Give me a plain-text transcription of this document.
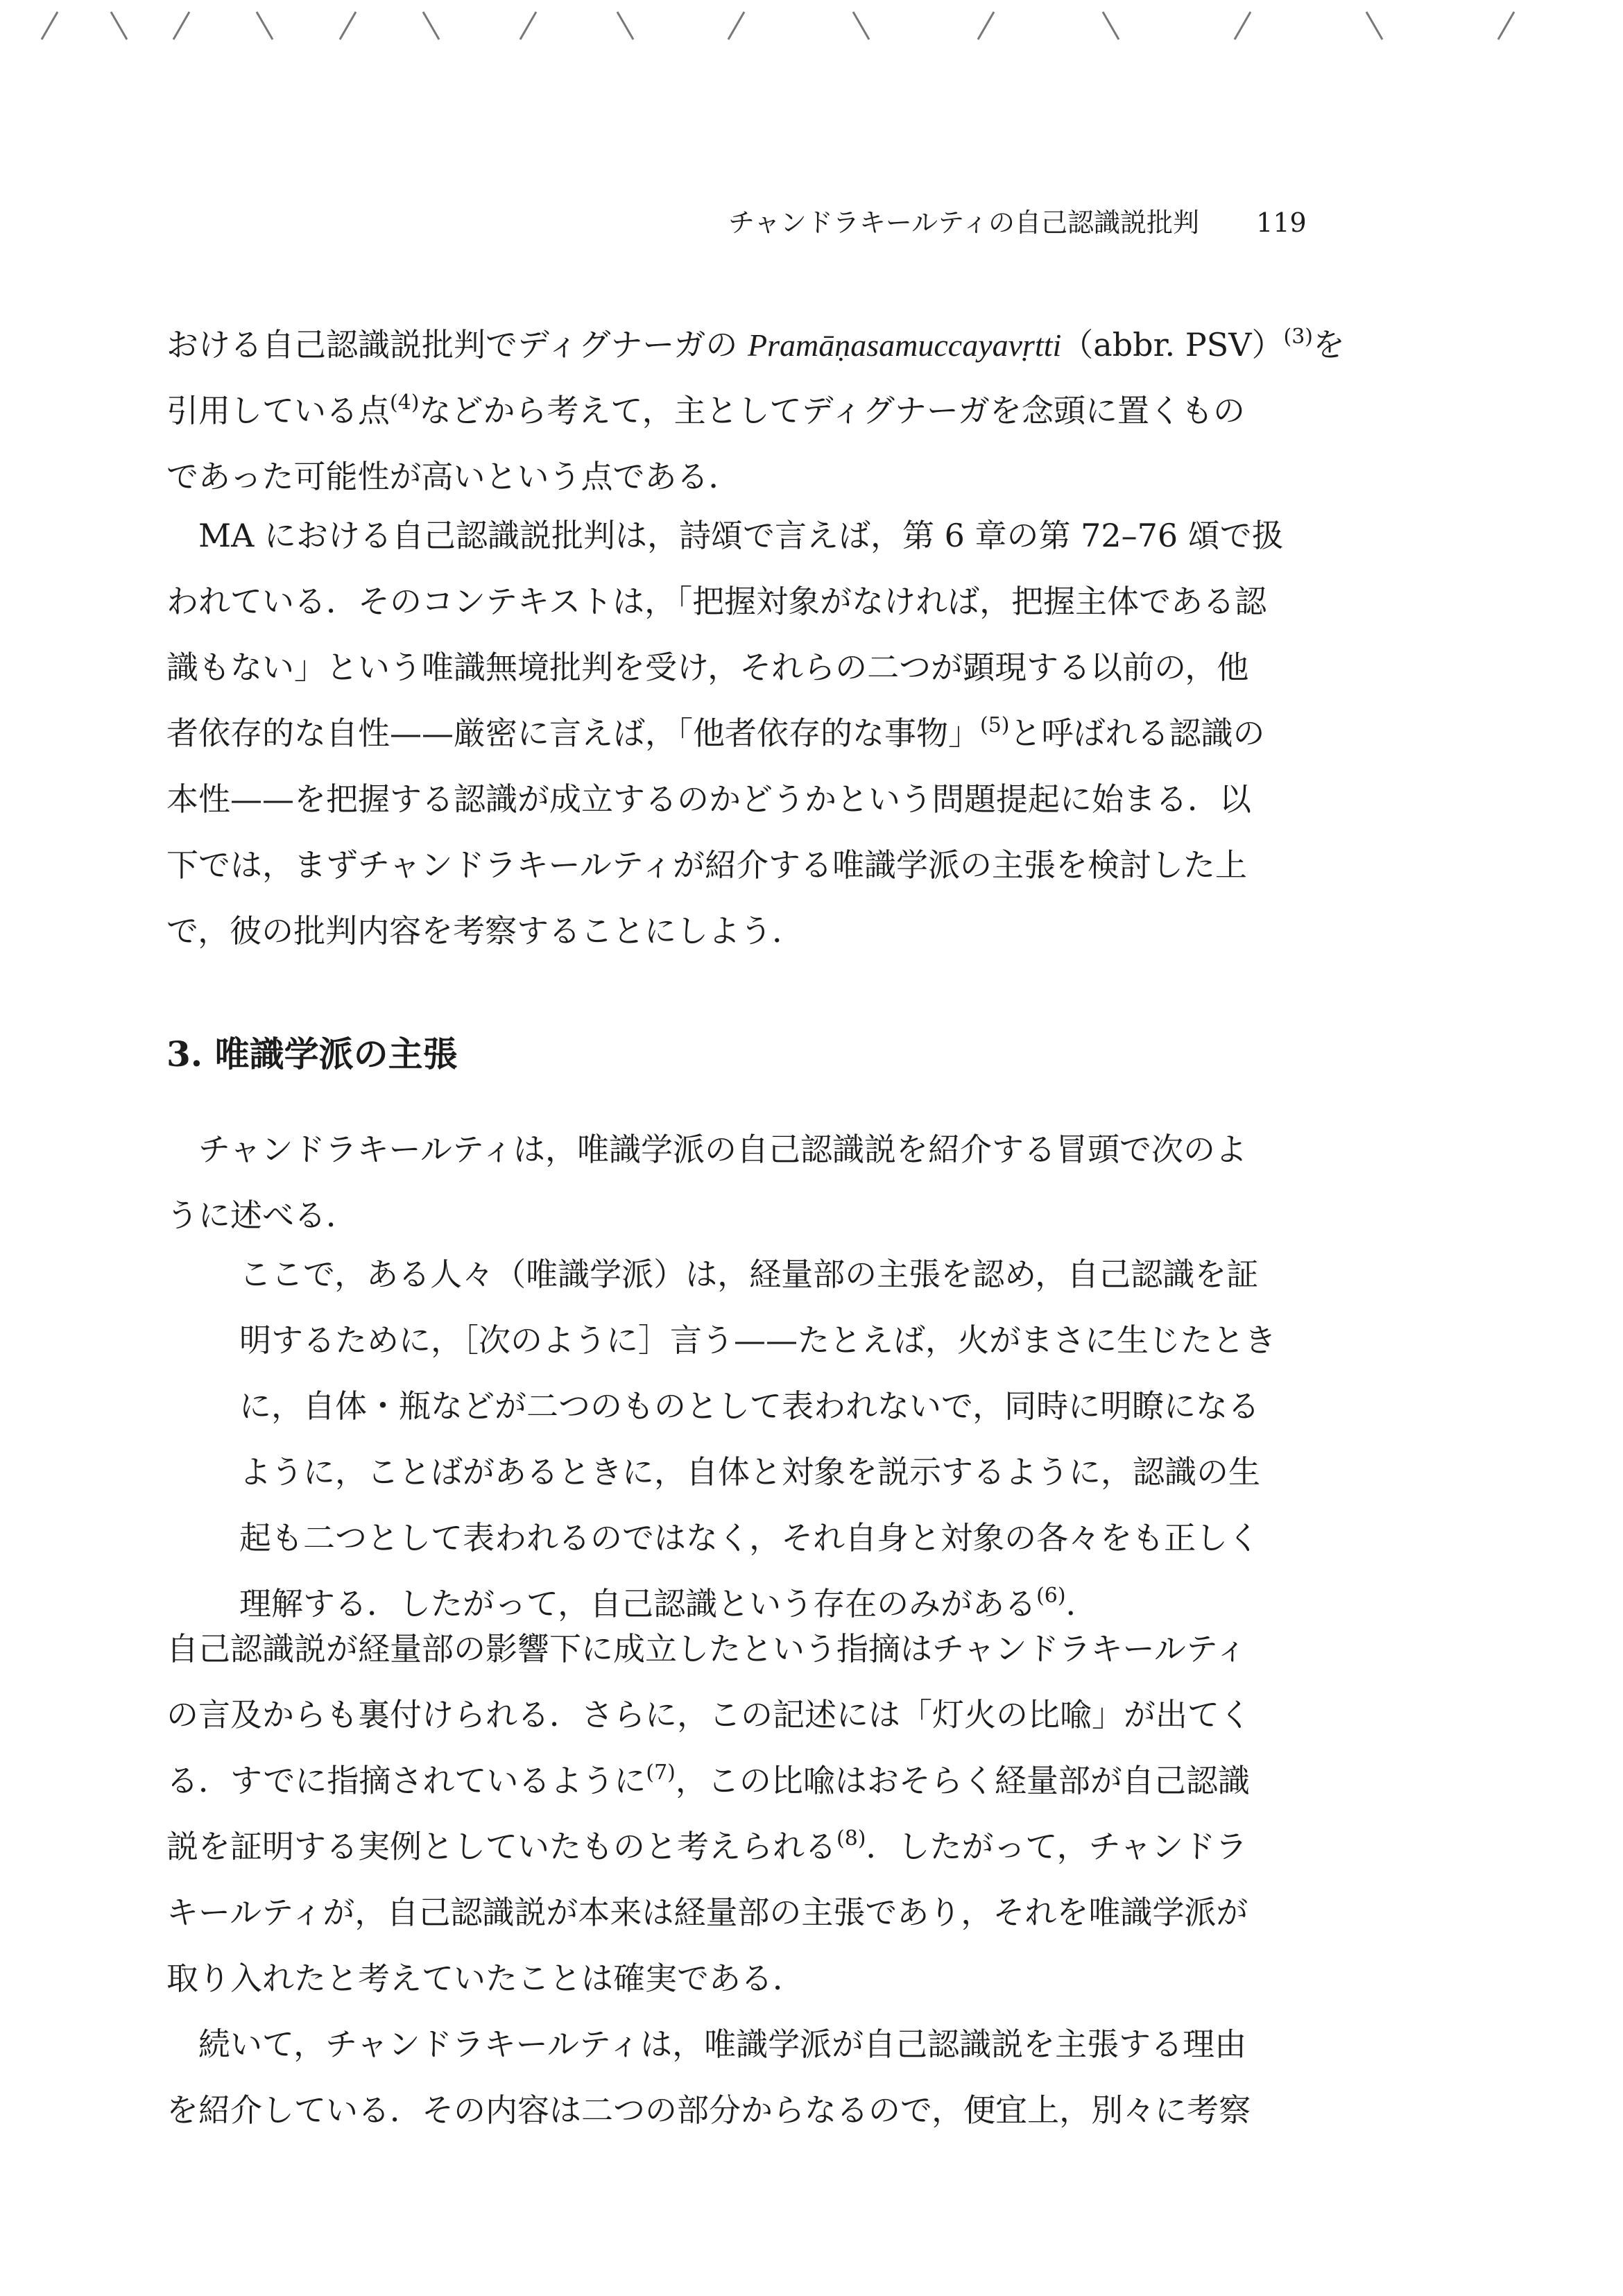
チャンドラキールティの自己認識説批判 119
おける自己認識説批判でディグナーガの Pramāṇasamuccayavṛtti（abbr. PSV）$^{(3)}$を
引用している点$^{(4)}$などから考えて，主としてディグナーガを念頭に置くもの
であった可能性が高いという点である．
MA における自己認識説批判は，詩頌で言えば，第 6 章の第 72–76 頌で扱
われている．そのコンテキストは，「把握対象がなければ，把握主体である認
識もない」という唯識無境批判を受け，それらの二つが顕現する以前の，他
者依存的な自性——厳密に言えば，「他者依存的な事物」$^{(5)}$と呼ばれる認識の
本性——を把握する認識が成立するのかどうかという問題提起に始まる．以
下では，まずチャンドラキールティが紹介する唯識学派の主張を検討した上
で，彼の批判内容を考察することにしよう．
3. 唯識学派の主張
チャンドラキールティは，唯識学派の自己認識説を紹介する冒頭で次のよ
うに述べる．
ここで，ある人々（唯識学派）は，経量部の主張を認め，自己認識を証
明するために，［次のように］言う——たとえば，火がまさに生じたとき
に，自体・瓶などが二つのものとして表われないで，同時に明瞭になる
ように，ことばがあるときに，自体と対象を説示するように，認識の生
起も二つとして表われるのではなく，それ自身と対象の各々をも正しく
理解する．したがって，自己認識という存在のみがある$^{(6)}$．
自己認識説が経量部の影響下に成立したという指摘はチャンドラキールティ
の言及からも裏付けられる．さらに，この記述には「灯火の比喩」が出てく
る．すでに指摘されているように$^{(7)}$，この比喩はおそらく経量部が自己認識
説を証明する実例としていたものと考えられる$^{(8)}$．したがって，チャンドラ
キールティが，自己認識説が本来は経量部の主張であり，それを唯識学派が
取り入れたと考えていたことは確実である．
続いて，チャンドラキールティは，唯識学派が自己認識説を主張する理由
を紹介している．その内容は二つの部分からなるので，便宜上，別々に考察
